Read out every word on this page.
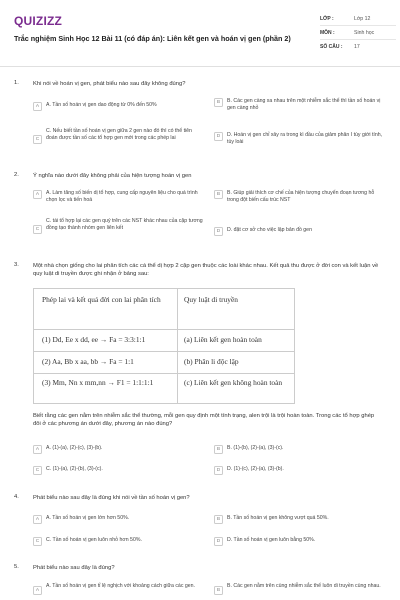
QUIZIZZ
Trắc nghiệm Sinh Học 12 Bài 11 (có đáp án): Liên kết gen và hoán vị gen (phần 2)
LỚP :	Lớp 12
MÔN :	Sinh học
SỐ CÂU :	17
1. Khi nói về hoán vị gen, phát biểu nào sau đây không đúng?
A	A. Tần số hoán vị gen dao động từ 0% đến 50%	B	B. Các gen càng xa nhau trên một nhiễm sắc thể thì tần số hoán vị gen càng nhỏ
C
C. Nếu biết tần số hoán vị gen giữa 2 gen nào đó thì có thể tiên đoán được tần số các tổ hợp gen mới trong các phép lai	D	D. Hoán vị gen chỉ xảy ra trong kì đầu của giảm phân I tùy giới tính, tùy loài
2. Ý nghĩa nào dưới đây không phải của hiện tượng hoán vị gen
A	A. Làm tăng số biến dị tổ hợp, cung cấp nguyên liệu cho quá trình chọn lọc và tiến hoá
B	B. Giúp giải thích cơ chế của hiện tượng chuyển đoạn tương hỗ trong đột biến cấu trúc NST
C
C. tái tổ hợp lại các gen quý trên các NST khác nhau của cặp tương đồng tạo thành nhóm gen liên kết
D	D. đặt cơ sở cho việc lập bản đồ gen
3. Một nhà chọn giống cho lai phân tích các cá thể dị hợp 2 cặp gen thuộc các loài khác nhau. Kết quả thu được ở đời con và kết luận về quy luật di truyền được ghi nhận ở bảng sau:
Phép lai và kết quả đời con lai phân tích	Quy luật di truyền
(1) Dd, Ee x dd, ee → Fa = 3:3:1:1	(a) Liên kết gen hoàn toàn
(2) Aa, Bb x aa, bb → Fa = 1:1	(b) Phân li độc lập
(3) Mm, Nn x mm,nn → F1 = 1:1:1:1	(c) Liên kết gen không hoàn toàn
Biết rằng các gen nằm trên nhiễm sắc thể thường, mỗi gen quy định một tính trạng, alen trội là trội hoàn toàn. Trong các tổ hợp ghép đôi ở các phương án dưới đây, phương án nào đúng?
A	A. (1)-(a), (2)-(c), (3)-(b).	B	B. (1)-(b), (2)-(a), (3)-(c).
C	C. (1)-(a), (2)-(b), (3)-(c).	D	D. (1)-(c), (2)-(a), (3)-(b).
4. Phát biểu nào sau đây là đúng khi nói về tần số hoán vị gen?
A	A. Tần số hoán vị gen lớn hơn 50%.	B	B. Tần số hoán vị gen không vượt quá 50%.
C	C. Tần số hoán vị gen luôn nhỏ hơn 50%.	D	D. Tần số hoán vị gen luôn bằng 50%.
5. Phát biểu nào sau đây là đúng?
A
A. Tần số hoán vị gen tỉ lệ nghịch với khoảng cách giữa các gen.
B
B. Các gen nằm trên cùng nhiễm sắc thể luôn di truyền cùng nhau.
